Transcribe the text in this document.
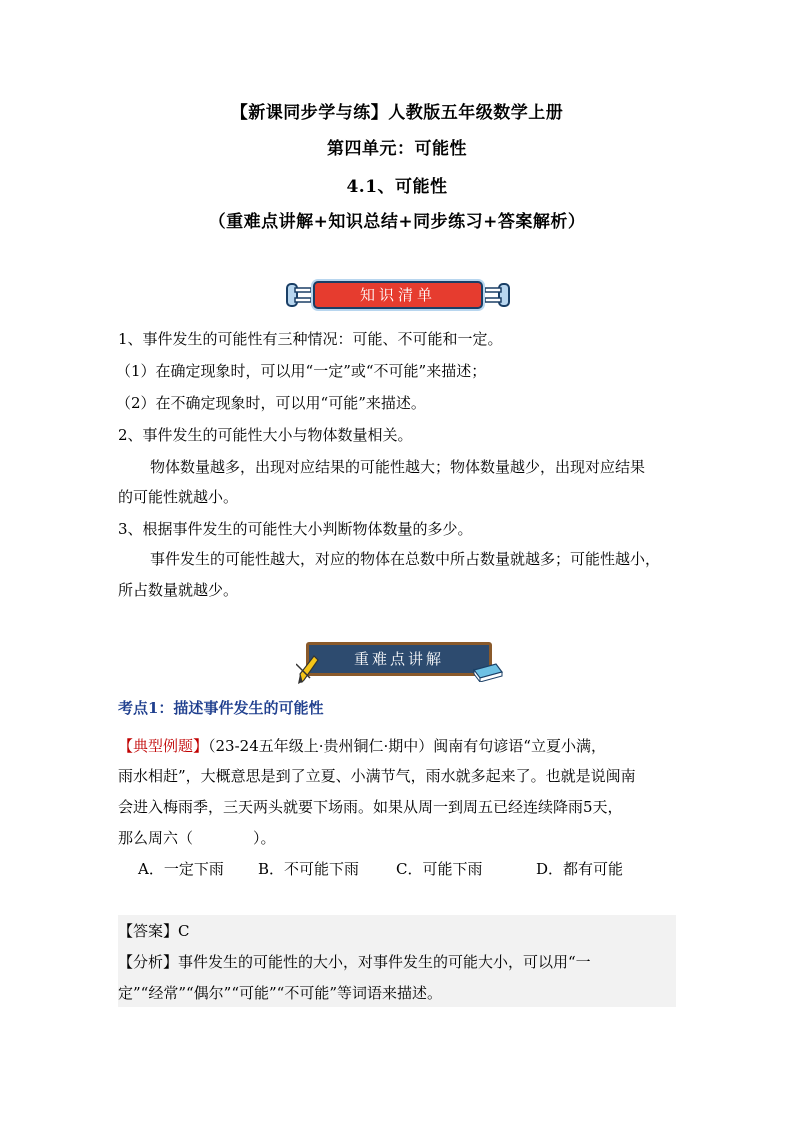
【新课同步学与练】人教版五年级数学上册
第四单元：可能性
4.1、可能性
（重难点讲解+知识总结+同步练习+答案解析）
知识清单
1、事件发生的可能性有三种情况：可能、不可能和一定。
（1）在确定现象时，可以用“一定”或“不可能”来描述；
（2）在不确定现象时，可以用“可能”来描述。
2、事件发生的可能性大小与物体数量相关。
物体数量越多，出现对应结果的可能性越大；物体数量越少，出现对应结果
的可能性就越小。
3、根据事件发生的可能性大小判断物体数量的多少。
事件发生的可能性越大，对应的物体在总数中所占数量就越多；可能性越小，
所占数量就越少。
重难点讲解
考点1：描述事件发生的可能性
【典型例题】（23-24五年级上·贵州铜仁·期中）闽南有句谚语“立夏小满，
雨水相赶”，大概意思是到了立夏、小满节气，雨水就多起来了。也就是说闽南
会进入梅雨季，三天两头就要下场雨。如果从周一到周五已经连续降雨5天，
那么周六（　　　　）。
A．一定下雨	B．不可能下雨	C．可能下雨	D．都有可能
【答案】C
【分析】事件发生的可能性的大小，对事件发生的可能大小，可以用“一
定”“经常”“偶尔”“可能”“不可能”等词语来描述。
